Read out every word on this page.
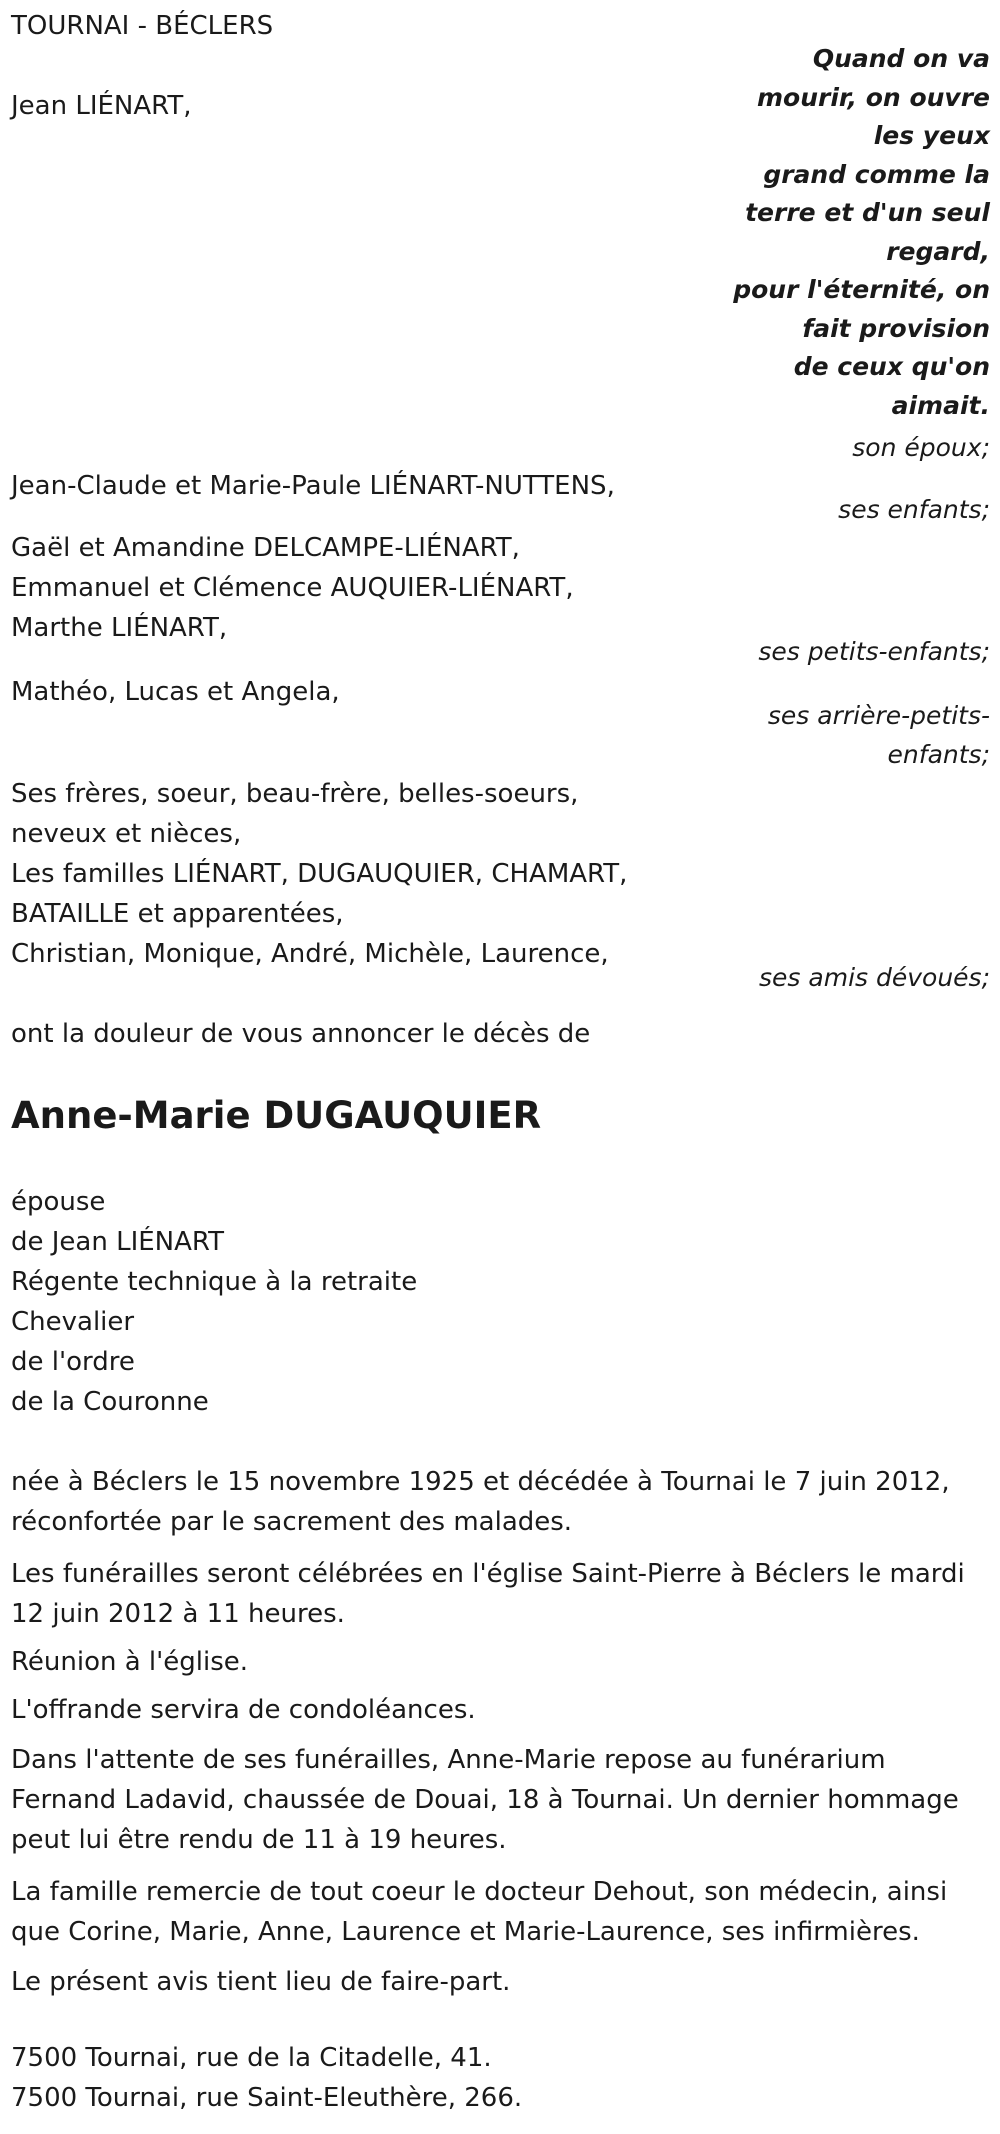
TOURNAI - BÉCLERS
Quand on va
mourir, on ouvre
les yeux
grand comme la
terre et d'un seul
regard,
pour l'éternité, on
fait provision
de ceux qu'on
aimait.
Jean LIÉNART,
son époux;
Jean-Claude et Marie-Paule LIÉNART-NUTTENS,
ses enfants;
Gaël et Amandine DELCAMPE-LIÉNART,
Emmanuel et Clémence AUQUIER-LIÉNART,
Marthe LIÉNART,
ses petits-enfants;
Mathéo, Lucas et Angela,
ses arrière-petits-
enfants;
Ses frères, soeur, beau-frère, belles-soeurs,
neveux et nièces,
Les familles LIÉNART, DUGAUQUIER, CHAMART,
BATAILLE et apparentées,
Christian, Monique, André, Michèle, Laurence,
ses amis dévoués;
ont la douleur de vous annoncer le décès de
Anne-Marie DUGAUQUIER
épouse
de Jean LIÉNART
Régente technique à la retraite
Chevalier
de l'ordre
de la Couronne
née à Béclers le 15 novembre 1925 et décédée à Tournai le 7 juin 2012, réconfortée par le sacrement des malades.
Les funérailles seront célébrées en l'église Saint-Pierre à Béclers le mardi 12 juin 2012 à 11 heures.
Réunion à l'église.
L'offrande servira de condoléances.
Dans l'attente de ses funérailles, Anne-Marie repose au funérarium Fernand Ladavid, chaussée de Douai, 18 à Tournai. Un dernier hommage peut lui être rendu de 11 à 19 heures.
La famille remercie de tout coeur le docteur Dehout, son médecin, ainsi que Corine, Marie, Anne, Laurence et Marie-Laurence, ses infirmières.
Le présent avis tient lieu de faire-part.
7500 Tournai, rue de la Citadelle, 41.
7500 Tournai, rue Saint-Eleuthère, 266.
